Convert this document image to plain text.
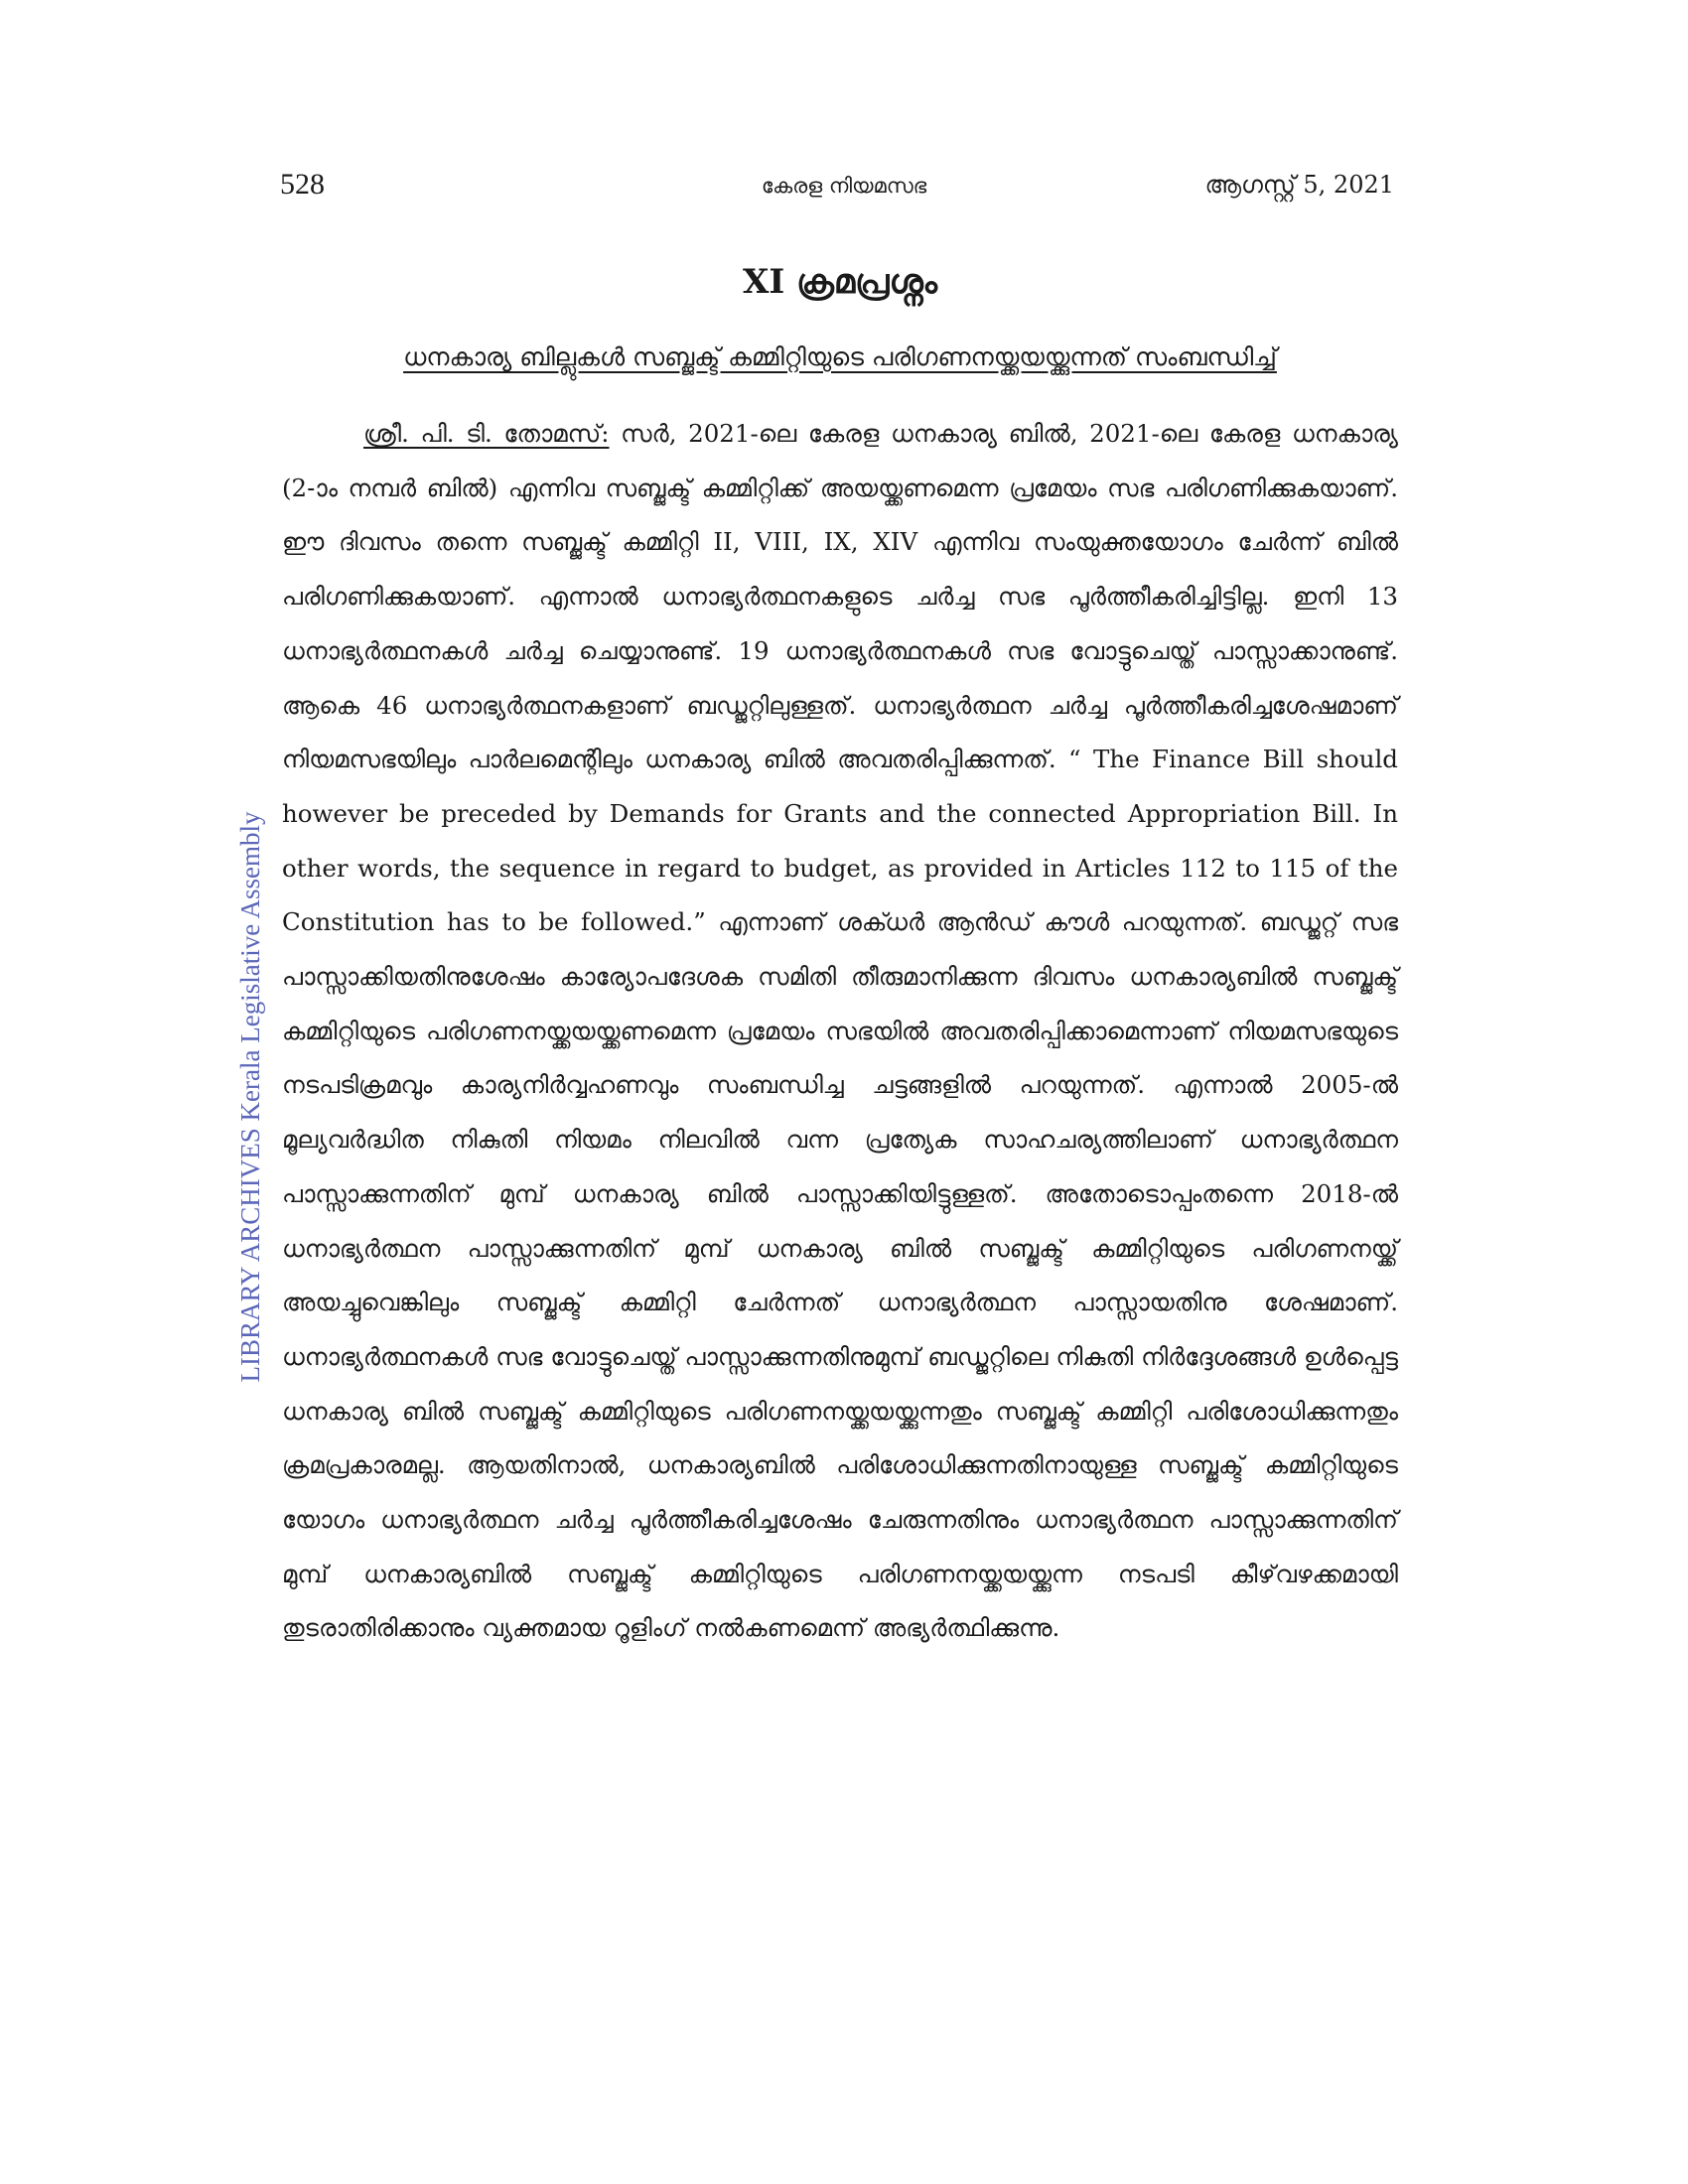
528	കേരള നിയമസഭ	ആഗസ്റ്റ് 5, 2021
XI ക്രമപ്രശ്നം
ധനകാര്യ ബില്ലുകൾ സബ്ജക്ട് കമ്മിറ്റിയുടെ പരിഗണനയ്ക്കയയ്ക്കുന്നത് സംബന്ധിച്ച്
LIBRARY ARCHIVES Kerala Legislative Assembly

ശ്രീ. പി. ടി. തോമസ്: സർ, 2021-ലെ കേരള ധനകാര്യ ബിൽ, 2021-ലെ കേരള ധനകാര്യ (2-ാം നമ്പർ ബിൽ) എന്നിവ സബ്ജക്ട് കമ്മിറ്റിക്ക് അയയ്ക്കണമെന്ന പ്രമേയം സഭ പരിഗണിക്കുകയാണ്. ഈ ദിവസം തന്നെ സബ്ജക്ട് കമ്മിറ്റി II, VIII, IX, XIV എന്നിവ സംയുക്തയോഗം ചേർന്ന് ബിൽ പരിഗണിക്കുകയാണ്. എന്നാൽ ധനാഭ്യർത്ഥനകളുടെ ചർച്ച സഭ പൂർത്തീകരിച്ചിട്ടില്ല. ഇനി 13 ധനാഭ്യർത്ഥനകൾ ചർച്ച ചെയ്യാനുണ്ട്. 19 ധനാഭ്യർത്ഥനകൾ സഭ വോട്ടുചെയ്ത് പാസ്സാക്കാനുണ്ട്. ആകെ 46 ധനാഭ്യർത്ഥനകളാണ് ബഡ്ജറ്റിലുള്ളത്. ധനാഭ്യർത്ഥന ചർച്ച പൂർത്തീകരിച്ചശേഷമാണ് നിയമസഭയിലും പാർലമെന്റിലും ധനകാര്യ ബിൽ അവതരിപ്പിക്കുന്നത്. “ The Finance Bill should however be preceded by Demands for Grants and the connected Appropriation Bill. In other words, the sequence in regard to budget, as provided in Articles 112 to 115 of the Constitution has to be followed.” എന്നാണ് ശക്ധർ ആൻഡ് കൗൾ പറയുന്നത്. ബഡ്ജറ്റ് സഭ പാസ്സാക്കിയതിനുശേഷം കാര്യോപദേശക സമിതി തീരുമാനിക്കുന്ന ദിവസം ധനകാര്യബിൽ സബ്ജക്ട് കമ്മിറ്റിയുടെ പരിഗണനയ്ക്കയയ്ക്കണമെന്ന പ്രമേയം സഭയിൽ അവതരിപ്പിക്കാമെന്നാണ് നിയമസഭയുടെ നടപടിക്രമവും കാര്യനിർവ്വഹണവും സംബന്ധിച്ച ചട്ടങ്ങളിൽ പറയുന്നത്. എന്നാൽ 2005-ൽ മൂല്യവർദ്ധിത നികുതി നിയമം നിലവിൽ വന്ന പ്രത്യേക സാഹചര്യത്തിലാണ് ധനാഭ്യർത്ഥന പാസ്സാക്കുന്നതിന് മുമ്പ് ധനകാര്യ ബിൽ പാസ്സാക്കിയിട്ടുള്ളത്. അതോടൊപ്പംതന്നെ 2018-ൽ ധനാഭ്യർത്ഥന പാസ്സാക്കുന്നതിന് മുമ്പ് ധനകാര്യ ബിൽ സബ്ജക്ട് കമ്മിറ്റിയുടെ പരിഗണനയ്ക്ക് അയച്ചുവെങ്കിലും സബ്ജക്ട് കമ്മിറ്റി ചേർന്നത് ധനാഭ്യർത്ഥന പാസ്സായതിനു ശേഷമാണ്. ധനാഭ്യർത്ഥനകൾ സഭ വോട്ടുചെയ്ത് പാസ്സാക്കുന്നതിനുമുമ്പ് ബഡ്ജറ്റിലെ നികുതി നിർദ്ദേശങ്ങൾ ഉൾപ്പെട്ട ധനകാര്യ ബിൽ സബ്ജക്ട് കമ്മിറ്റിയുടെ പരിഗണനയ്ക്കയയ്ക്കുന്നതും സബ്ജക്ട് കമ്മിറ്റി പരിശോധിക്കുന്നതും ക്രമപ്രകാരമല്ല. ആയതിനാൽ, ധനകാര്യബിൽ പരിശോധിക്കുന്നതിനായുള്ള സബ്ജക്ട് കമ്മിറ്റിയുടെ യോഗം ധനാഭ്യർത്ഥന ചർച്ച പൂർത്തീകരിച്ചശേഷം ചേരുന്നതിനും ധനാഭ്യർത്ഥന പാസ്സാക്കുന്നതിന് മുമ്പ് ധനകാര്യബിൽ സബ്ജക്ട് കമ്മിറ്റിയുടെ പരിഗണനയ്ക്കയയ്ക്കുന്ന നടപടി കീഴ്‌വഴക്കമായി തുടരാതിരിക്കാനും വ്യക്തമായ റൂളിംഗ് നൽകണമെന്ന് അഭ്യർത്ഥിക്കുന്നു.
